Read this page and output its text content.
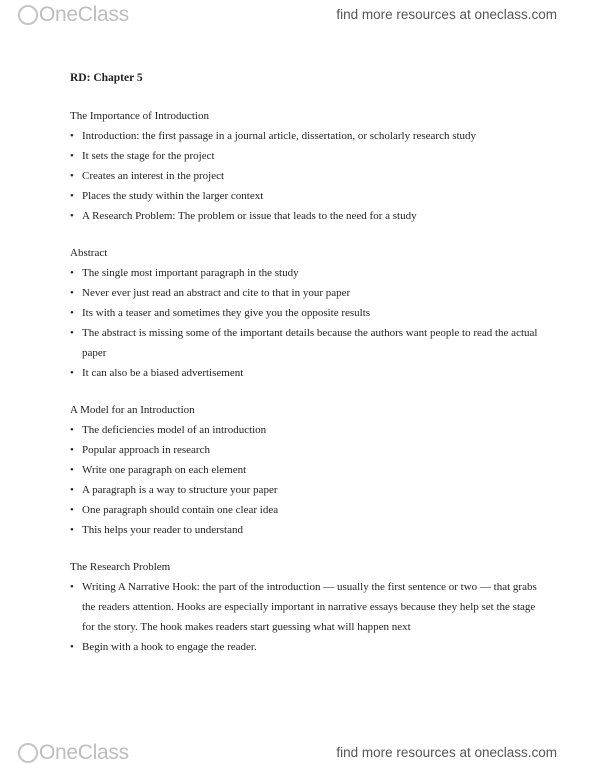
OneClass	find more resources at oneclass.com
RD: Chapter 5

The Importance of Introduction

• Introduction: the first passage in a journal article, dissertation, or scholarly research study
• It sets the stage for the project
• Creates an interest in the project
• Places the study within the larger context
• A Research Problem: The problem or issue that leads to the need for a study

Abstract

• The single most important paragraph in the study
• Never ever just read an abstract and cite to that in your paper
• Its with a teaser and sometimes they give you the opposite results
• The abstract is missing some of the important details because the authors want people to read the actual paper
• It can also be a biased advertisement

A Model for an Introduction

• The deficiencies model of an introduction
• Popular approach in research
• Write one paragraph on each element
• A paragraph is a way to structure your paper
• One paragraph should contain one clear idea
• This helps your reader to understand

The Research Problem

• Writing A Narrative Hook: the part of the introduction — usually the first sentence or two — that grabs the readers attention. Hooks are especially important in narrative essays because they help set the stage for the story. The hook makes readers start guessing what will happen next
• Begin with a hook to engage the reader.
OneClass	find more resources at oneclass.com
